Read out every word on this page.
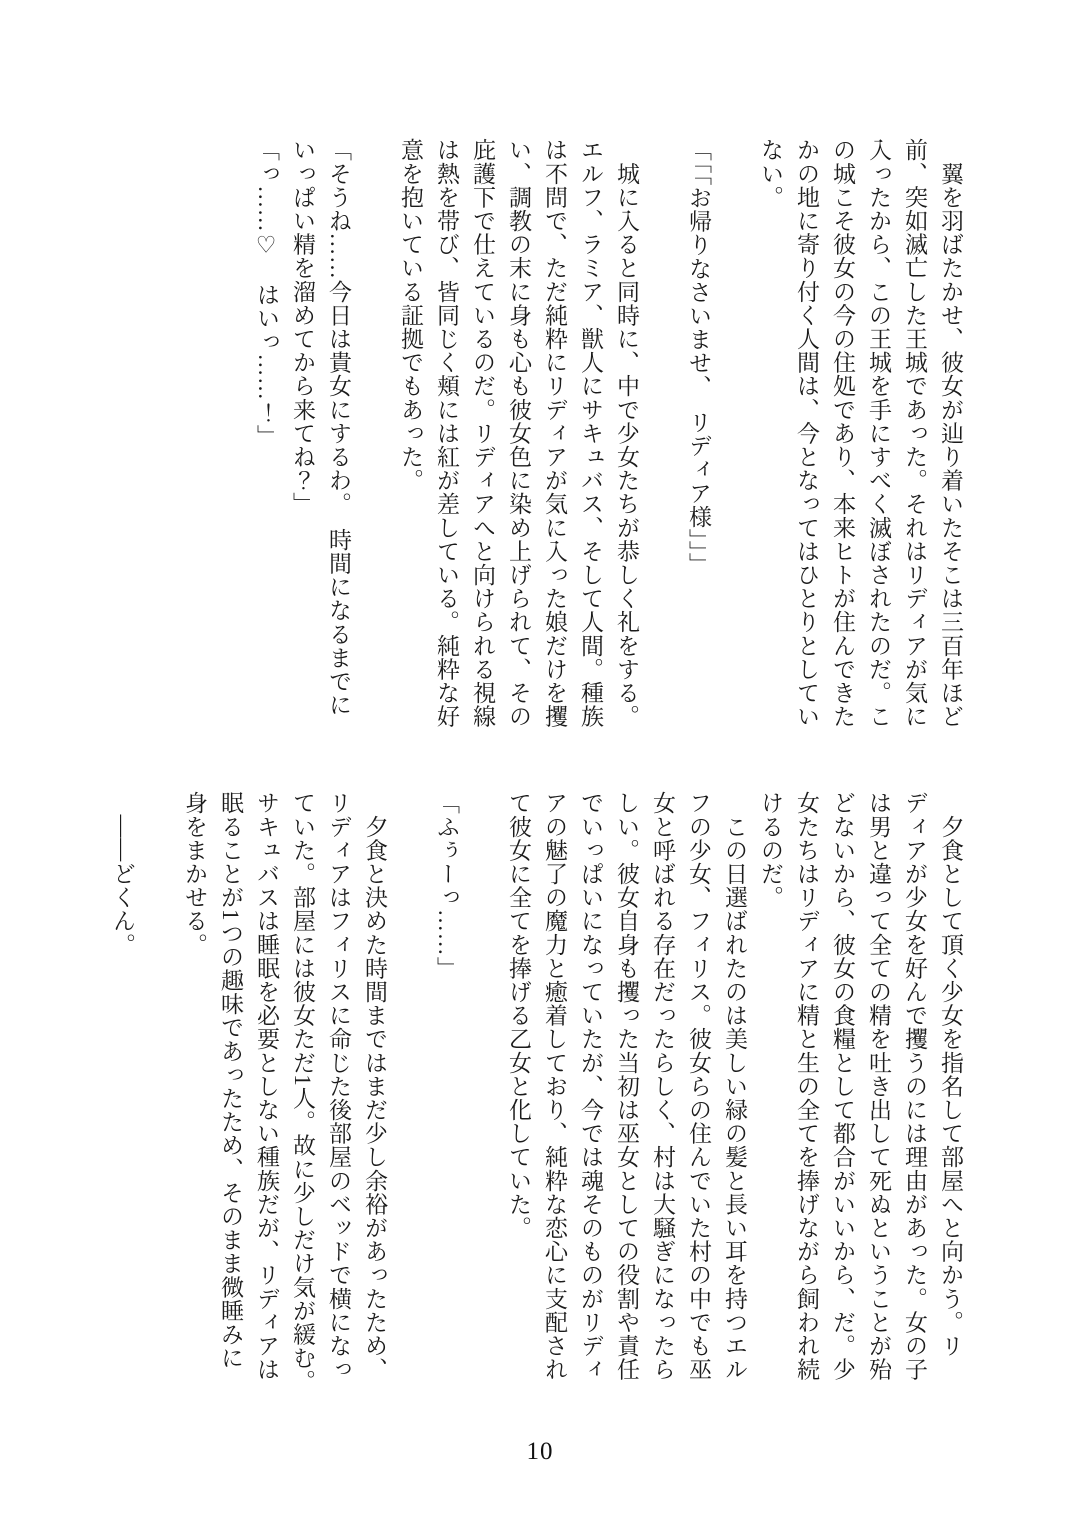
　翼を羽ばたかせ、彼女が辿り着いたそこは三百年ほど
前、突如滅亡した王城であった。それはリディアが気に
入ったから、この王城を手にすべく滅ぼされたのだ。こ
の城こそ彼女の今の住処であり、本来ヒトが住んできた
かの地に寄り付く人間は、今となってはひとりとしてい
ない。

「「「お帰りなさいませ、　リディア様」」」

　城に入ると同時に、中で少女たちが恭しく礼をする。
エルフ、ラミア、獣人にサキュバス、そして人間。種族
は不問で、ただ純粋にリディアが気に入った娘だけを攫
い、調教の末に身も心も彼女色に染め上げられて、その
庇護下で仕えているのだ。リディアへと向けられる視線
は熱を帯び、皆同じく頬には紅が差している。純粋な好
意を抱いている証拠でもあった。

「そうね……今日は貴女にするわ。　時間になるまでに
いっぱい精を溜めてから来てね？」

「っ……♡　はいっ……！」

　夕食として頂く少女を指名して部屋へと向かう。リ
ディアが少女を好んで攫うのには理由があった。女の子
は男と違って全ての精を吐き出して死ぬということが殆
どないから、彼女の食糧として都合がいいから、だ。少
女たちはリディアに精と生の全てを捧げながら飼われ続
けるのだ。

　この日選ばれたのは美しい緑の髪と長い耳を持つエル
フの少女、フィリス。彼女らの住んでいた村の中でも巫
女と呼ばれる存在だったらしく、村は大騒ぎになったら
しい。彼女自身も攫った当初は巫女としての役割や責任
でいっぱいになっていたが、今では魂そのものがリディ
アの魅了の魔力と癒着しており、純粋な恋心に支配され
て彼女に全てを捧げる乙女と化していた。

「ふぅーっ……」

　夕食と決めた時間まではまだ少し余裕があったため、
リディアはフィリスに命じた後部屋のベッドで横になっ
ていた。部屋には彼女ただ1人。故に少しだけ気が緩む。
サキュバスは睡眠を必要としない種族だが、リディアは
眠ることが1つの趣味であったため、そのまま微睡みに
身をまかせる。

　――どくん。

10
